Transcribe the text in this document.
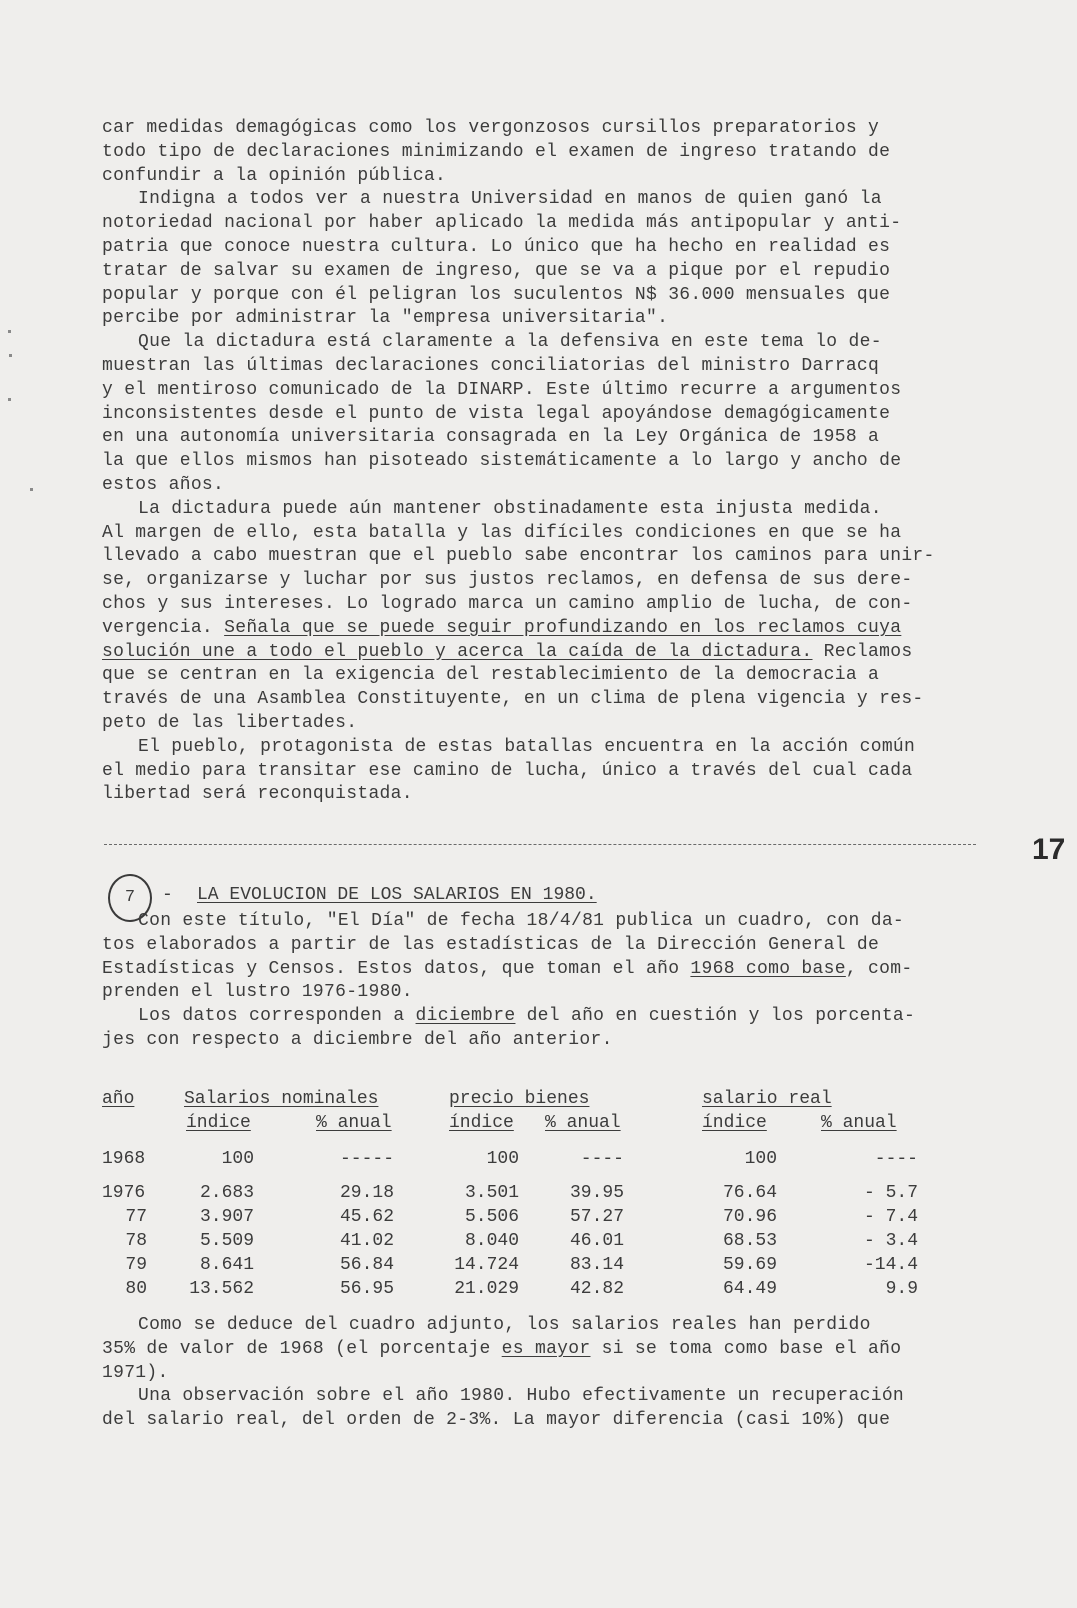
car medidas demagógicas como los vergonzosos cursillos preparatorios y
todo tipo de declaraciones minimizando el examen de ingreso tratando de
confundir a la opinión pública.
Indigna a todos ver a nuestra Universidad en manos de quien ganó la
notoriedad nacional por haber aplicado la medida más antipopular y anti-
patria que conoce nuestra cultura. Lo único que ha hecho en realidad es
tratar de salvar su examen de ingreso, que se va a pique por el repudio
popular y porque con él peligran los suculentos N$ 36.000 mensuales que
percibe por administrar la "empresa universitaria".
Que la dictadura está claramente a la defensiva en este tema lo de-
muestran las últimas declaraciones conciliatorias del ministro Darracq
y el mentiroso comunicado de la DINARP. Este último recurre a argumentos
inconsistentes desde el punto de vista legal apoyándose demagógicamente
en una autonomía universitaria consagrada en la Ley Orgánica de 1958 a
la que ellos mismos han pisoteado sistemáticamente a lo largo y ancho de
estos años.
La dictadura puede aún mantener obstinadamente esta injusta medida.
Al margen de ello, esta batalla y las difíciles condiciones en que se ha
llevado a cabo muestran que el pueblo sabe encontrar los caminos para unir-
se, organizarse y luchar por sus justos reclamos, en defensa de sus dere-
chos y sus intereses. Lo logrado marca un camino amplio de lucha, de con-
vergencia. Señala que se puede seguir profundizando en los reclamos cuya
solución une a todo el pueblo y acerca la caída de la dictadura. Reclamos
que se centran en la exigencia del restablecimiento de la democracia a
través de una Asamblea Constituyente, en un clima de plena vigencia y res-
peto de las libertades.
El pueblo, protagonista de estas batallas encuentra en la acción común
el medio para transitar ese camino de lucha, único a través del cual cada
libertad será reconquistada.
17
7	- LA EVOLUCION DE LOS SALARIOS EN 1980.
Con este título, "El Día" de fecha 18/4/81 publica un cuadro, con da-
tos elaborados a partir de las estadísticas de la Dirección General de
Estadísticas y Censos. Estos datos, que toman el año 1968 como base, com-
prenden el lustro 1976-1980.
Los datos corresponden a diciembre del año en cuestión y los porcenta-
jes con respecto a diciembre del año anterior.
año	Salarios nominales	precio bienes	salario real
índice	% anual	índice % anual	índice	% anual
1968	100	-----	100	----	100	----
1976	2.683	29.18	3.501	39.95	76.64	- 5.7
77	3.907	45.62	5.506	57.27	70.96	- 7.4
78	5.509	41.02	8.040	46.01	68.53	- 3.4
79	8.641	56.84	14.724	83.14	59.69	-14.4
80	13.562	56.95	21.029	42.82	64.49	9.9
Como se deduce del cuadro adjunto, los salarios reales han perdido
35% de valor de 1968 (el porcentaje es mayor si se toma como base el año
1971).
Una observación sobre el año 1980. Hubo efectivamente un recuperación
del salario real, del orden de 2-3%. La mayor diferencia (casi 10%) que
